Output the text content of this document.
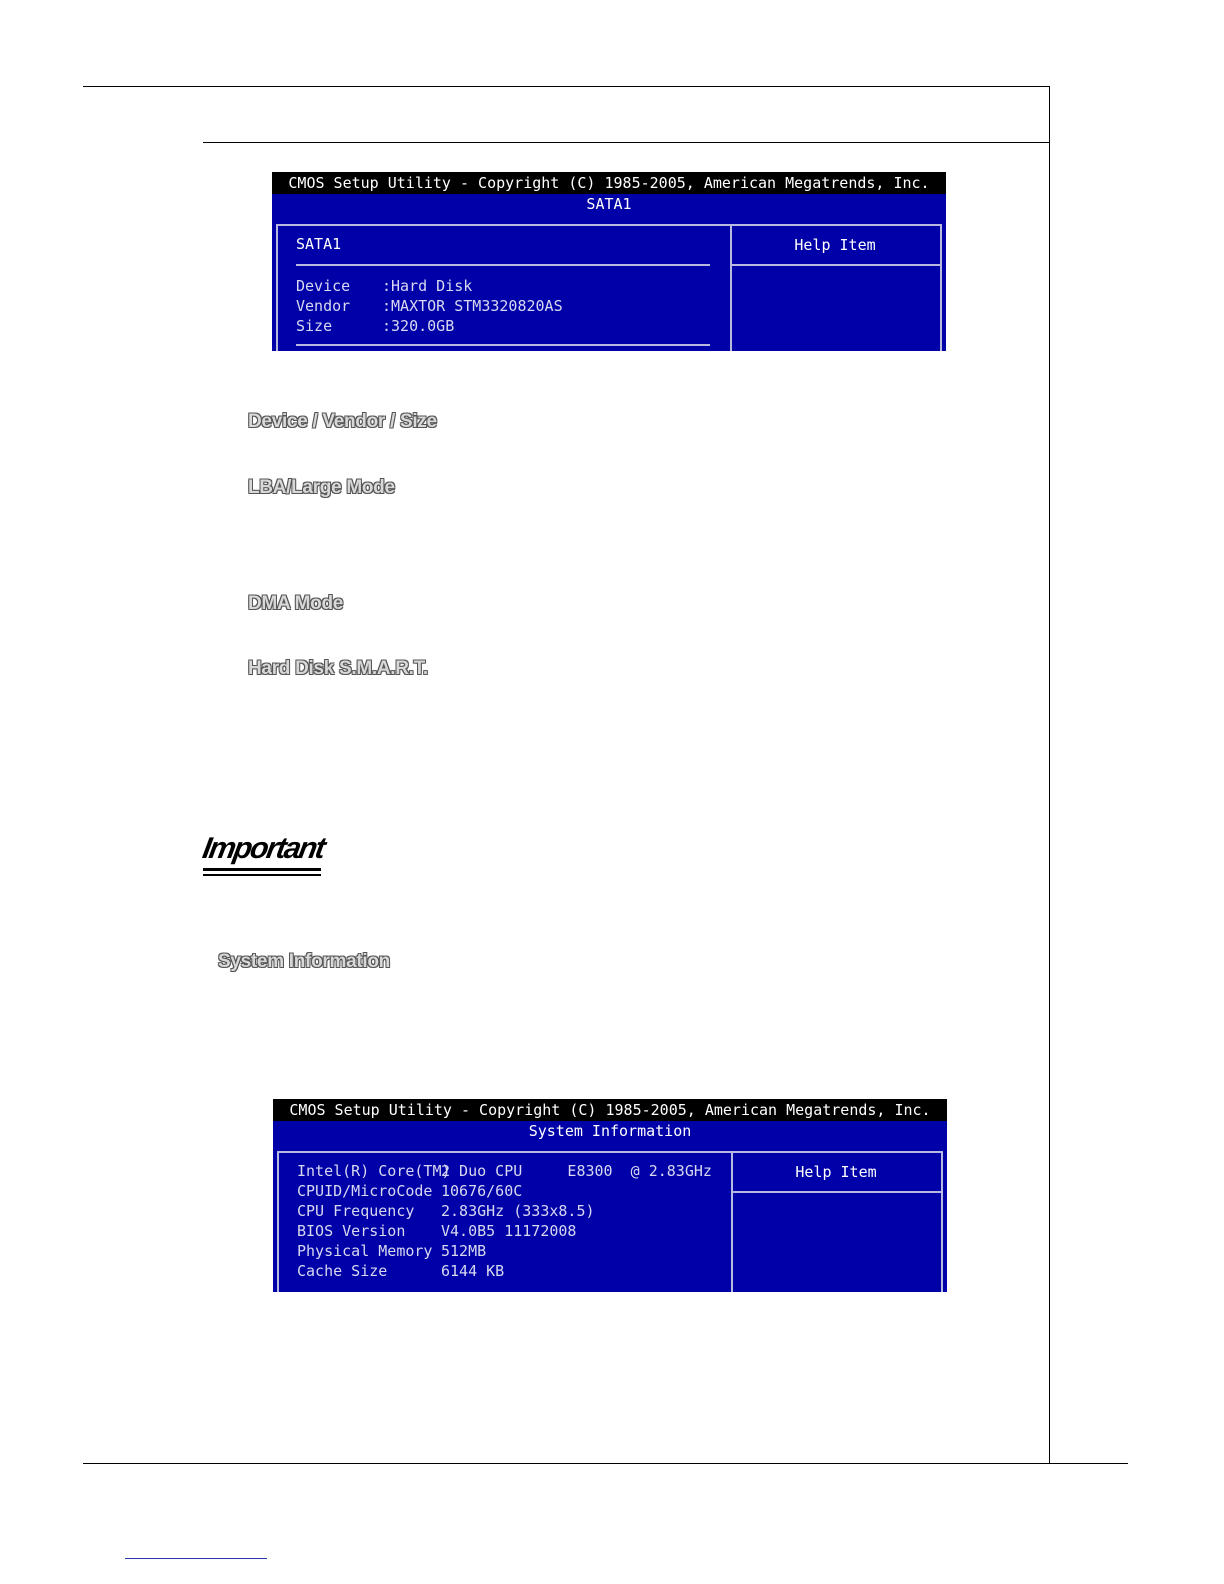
CMOS Setup Utility - Copyright (C) 1985-2005, American Megatrends, Inc.
SATA1
SATA1
Device :Hard Disk
Vendor :MAXTOR STM3320820AS
Size	:320.0GB
Help Item
Device / Vendor / Size
LBA/Large Mode
DMA Mode
Hard Disk S.M.A.R.T.
Important
System Information
CMOS Setup Utility - Copyright (C) 1985-2005, American Megatrends, Inc.
System Information
Intel(R) Core(TM)
2 Duo CPU     E8300  @ 2.83GHz
CPUID/MicroCode 10676/60C
CPU Frequency 2.83GHz (333x8.5)
BIOS Version V4.0B5 11172008
Physical Memory 512MB
Cache Size	6144 KB
Help Item
